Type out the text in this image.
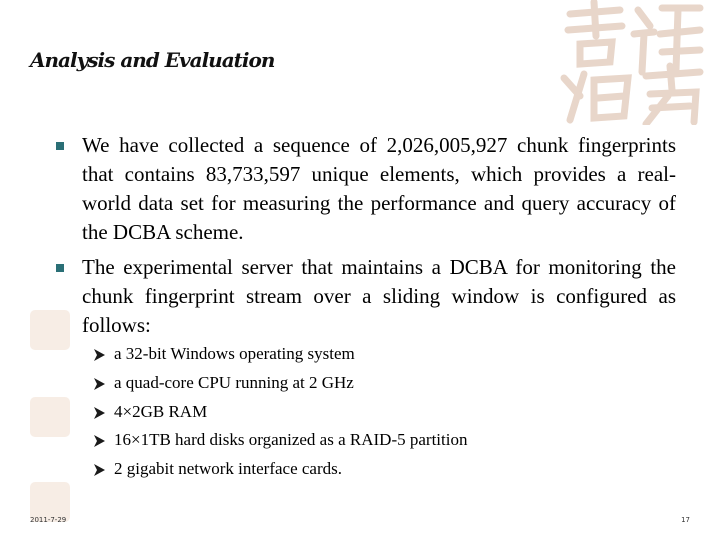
Analysis and Evaluation
We have collected a sequence of 2,026,005,927 chunk fingerprints that contains 83,733,597 unique elements, which provides a real-world data set for measuring the performance and query accuracy of the DCBA scheme.
The experimental server that maintains a DCBA for monitoring the chunk fingerprint stream over a sliding window is configured as follows:
a 32-bit Windows operating system
a quad-core CPU running at 2 GHz
4×2GB RAM
16×1TB hard disks organized as a RAID-5 partition
2 gigabit network interface cards.
2011-7-29	17
